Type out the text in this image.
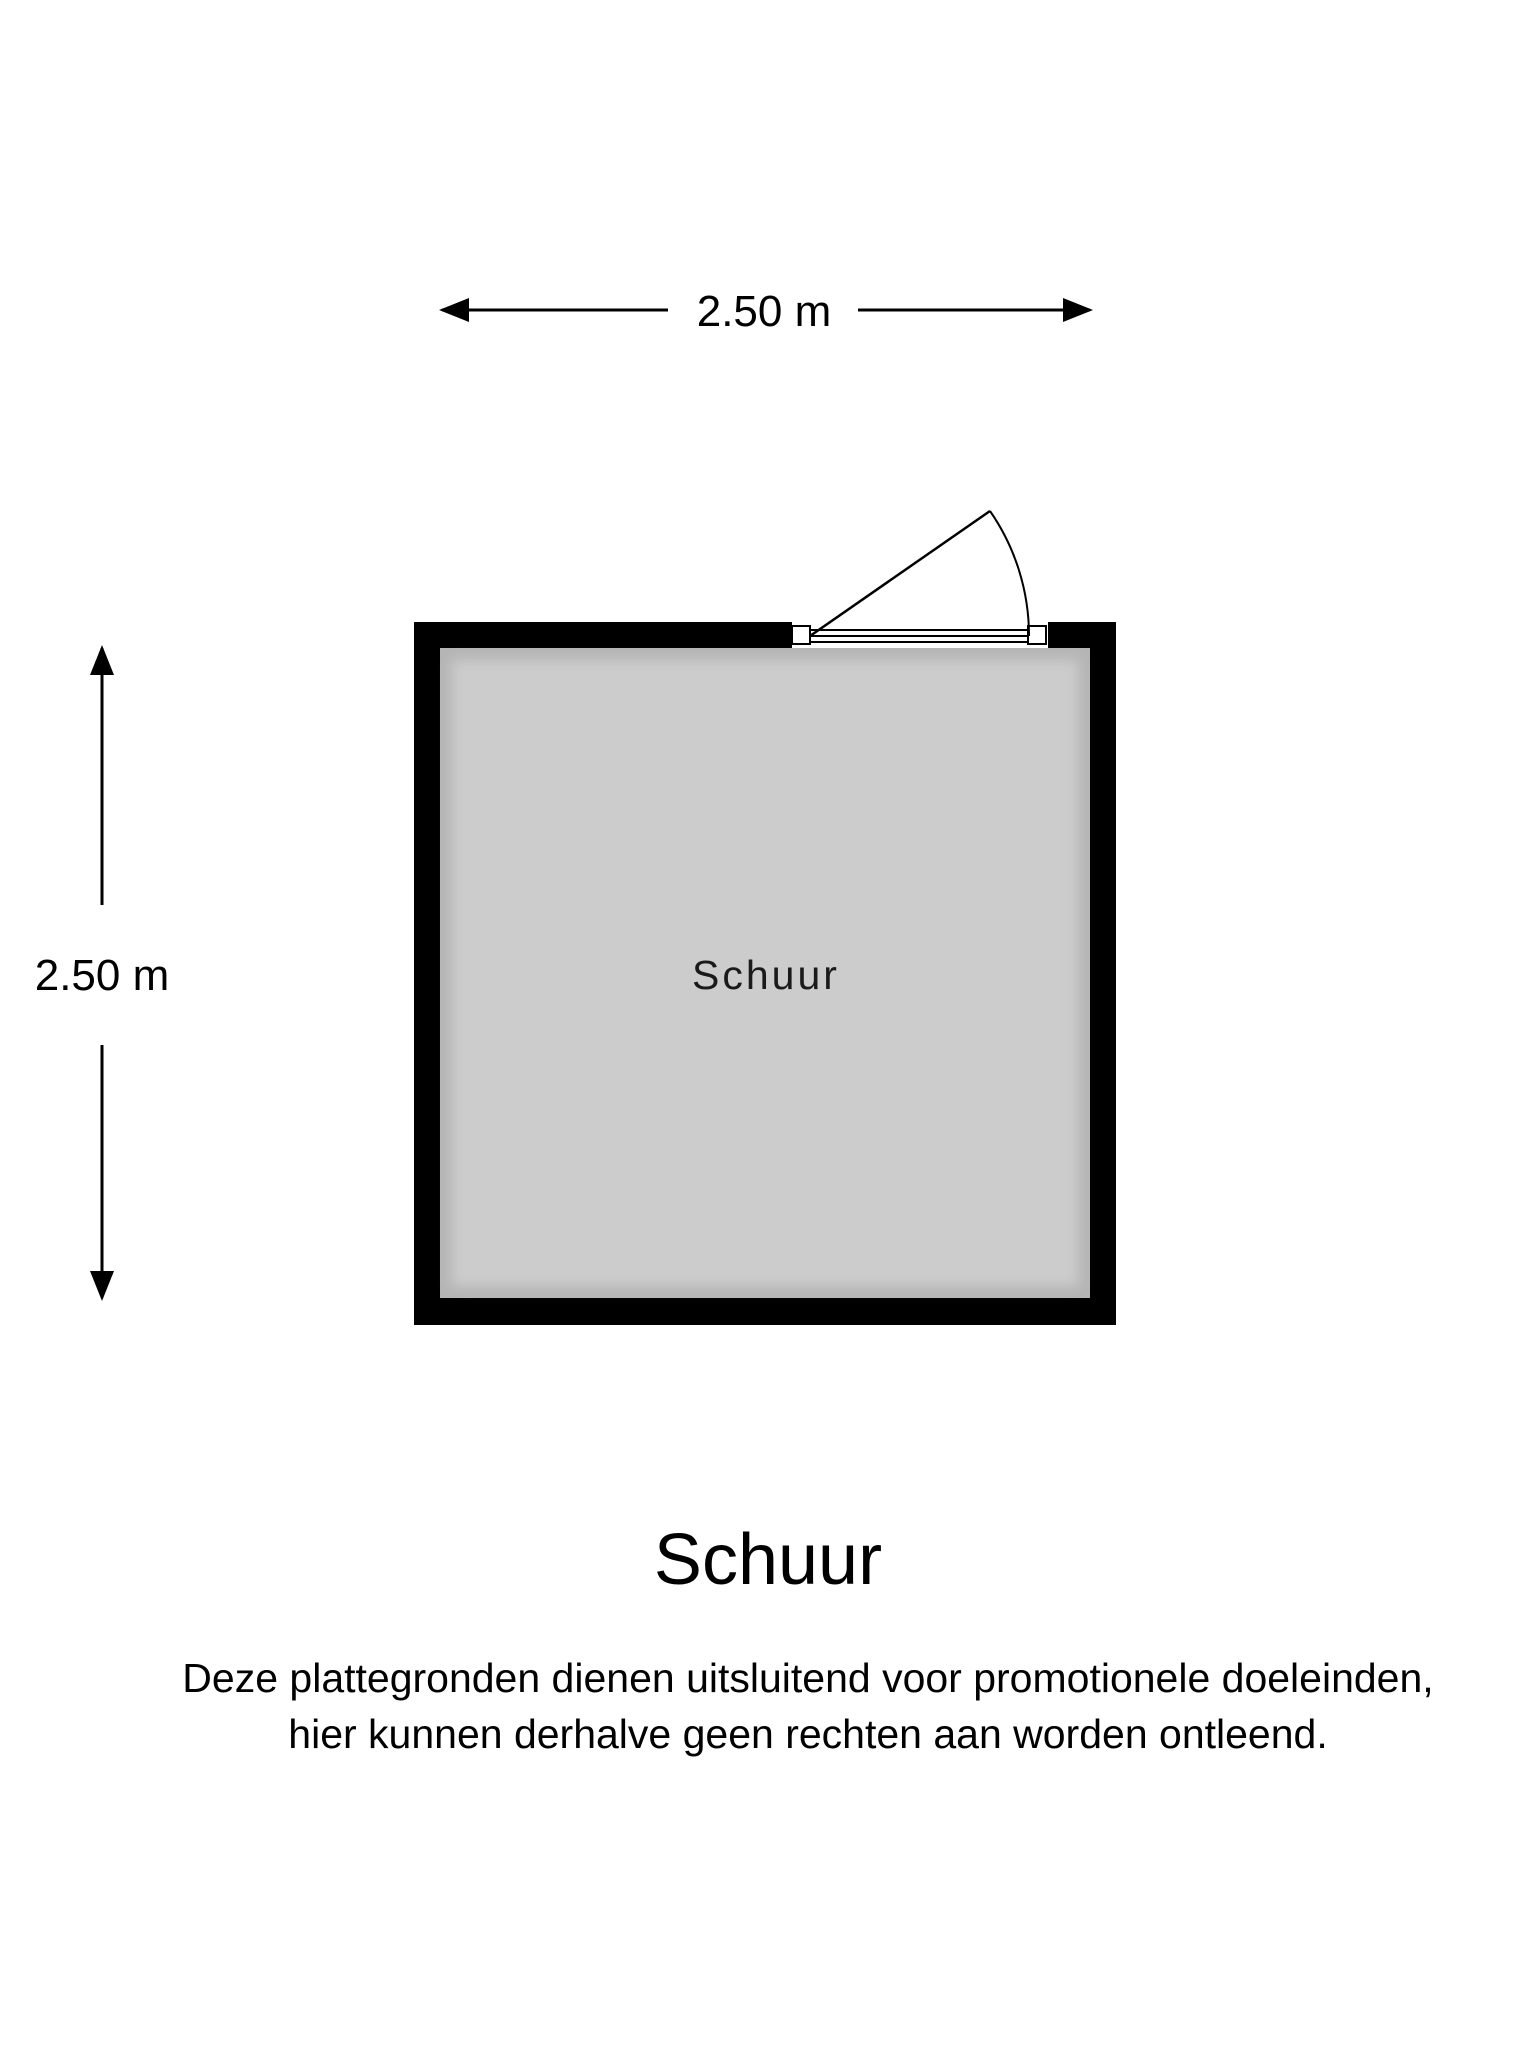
2.50 m
2.50 m	Schuur
Schuur
Deze plattegronden dienen uitsluitend voor promotionele doeleinden,
hier kunnen derhalve geen rechten aan worden ontleend.
